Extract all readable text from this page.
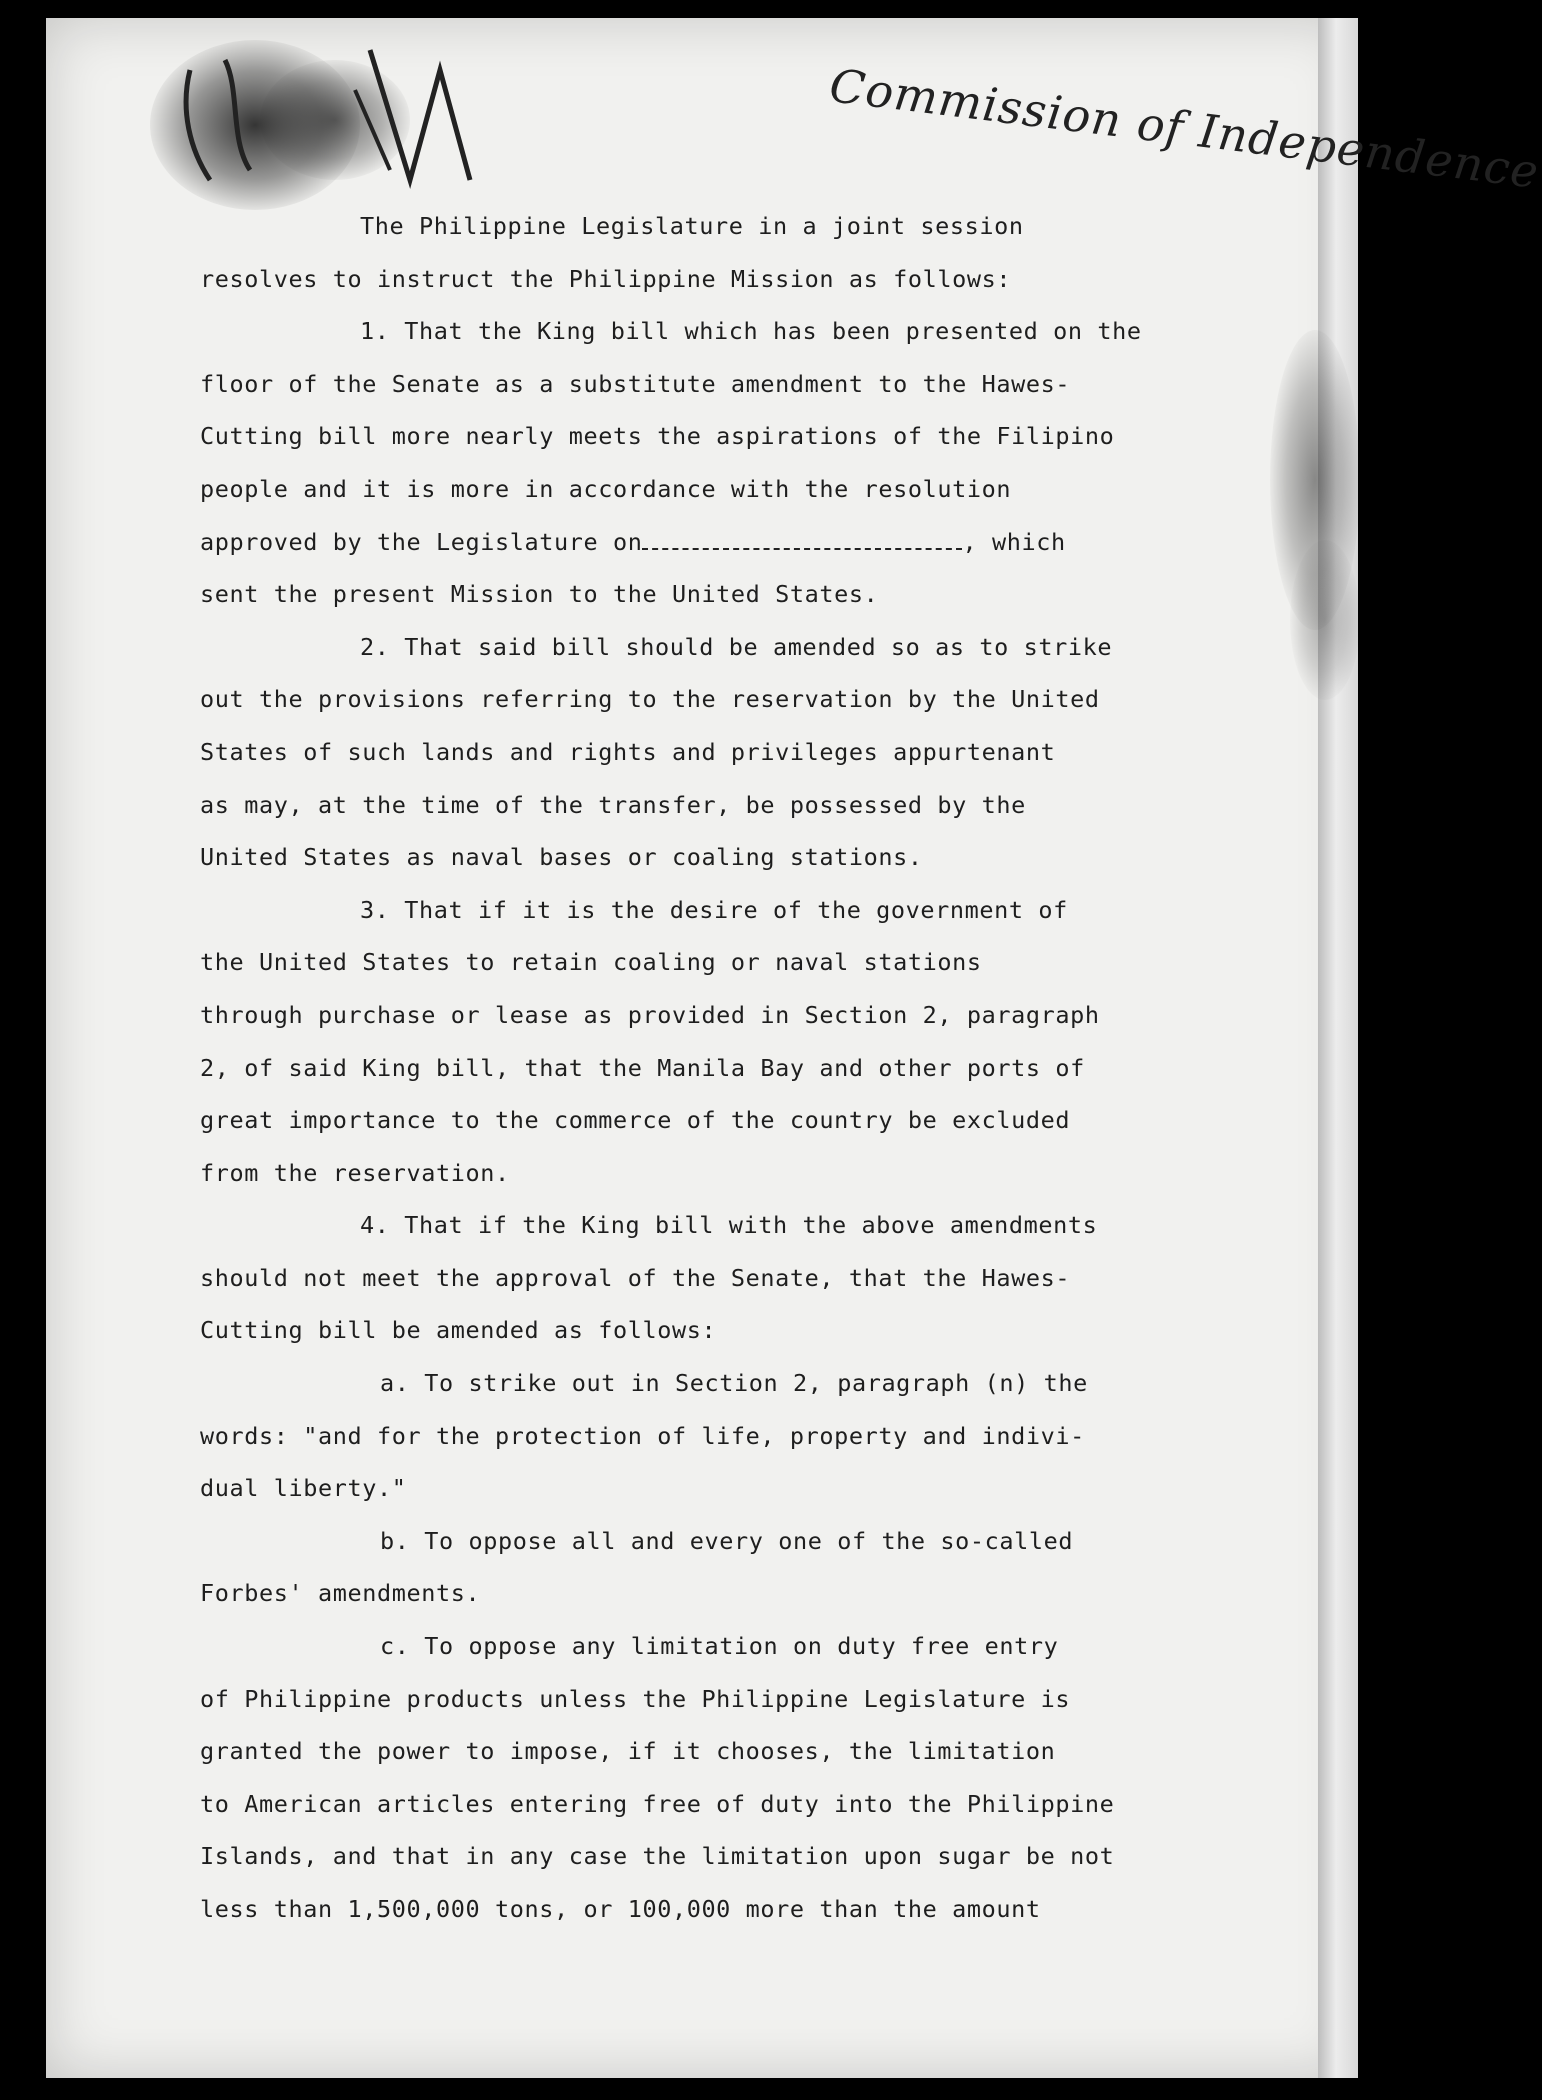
Commission of Independence

The Philippine Legislature in a joint session

resolves to instruct the Philippine Mission as follows:

1. That the King bill which has been presented on the

floor of the Senate as a substitute amendment to the Hawes-

Cutting bill more nearly meets the aspirations of the Filipino

people and it is more in accordance with the resolution

approved by the Legislature on	, which

sent the present Mission to the United States.

2. That said bill should be amended so as to strike

out the provisions referring to the reservation by the United

States of such lands and rights and privileges appurtenant

as may, at the time of the transfer, be possessed by the

United States as naval bases or coaling stations.

3. That if it is the desire of the government of

the United States to retain coaling or naval stations

through purchase or lease as provided in Section 2, paragraph

2, of said King bill, that the Manila Bay and other ports of

great importance to the commerce of the country be excluded

from the reservation.

4. That if the King bill with the above amendments

should not meet the approval of the Senate, that the Hawes-

Cutting bill be amended as follows:

a. To strike out in Section 2, paragraph (n) the

words: "and for the protection of life, property and indivi-

dual liberty."

b. To oppose all and every one of the so-called

Forbes' amendments.

c. To oppose any limitation on duty free entry

of Philippine products unless the Philippine Legislature is

granted the power to impose, if it chooses, the limitation

to American articles entering free of duty into the Philippine

Islands, and that in any case the limitation upon sugar be not

less than 1,500,000 tons, or 100,000 more than the amount
